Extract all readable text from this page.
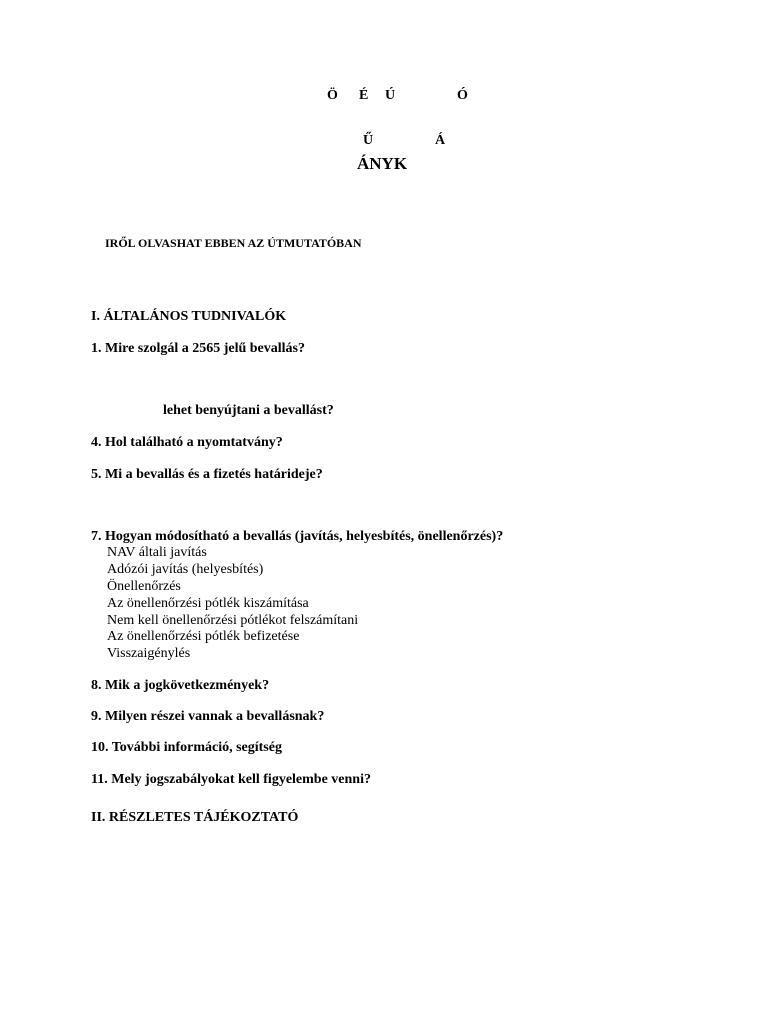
Ö É Ú	Ó
Ű	Á
ÁNYK
IRŐL OLVASHAT EBBEN AZ ÚTMUTATÓBAN
I. ÁLTALÁNOS TUDNIVALÓK
1. Mire szolgál a 2565 jelű bevallás?
lehet benyújtani a bevallást?
4. Hol található a nyomtatvány?
5. Mi a bevallás és a fizetés határideje?
7. Hogyan módosítható a bevallás (javítás, helyesbítés, önellenőrzés)?
NAV általi javítás
Adózói javítás (helyesbítés)
Önellenőrzés
Az önellenőrzési pótlék kiszámítása
Nem kell önellenőrzési pótlékot felszámítani
Az önellenőrzési pótlék befizetése
Visszaigénylés
8. Mik a jogkövetkezmények?
9. Milyen részei vannak a bevallásnak?
10. További információ, segítség
11. Mely jogszabályokat kell figyelembe venni?
II. RÉSZLETES TÁJÉKOZTATÓ
